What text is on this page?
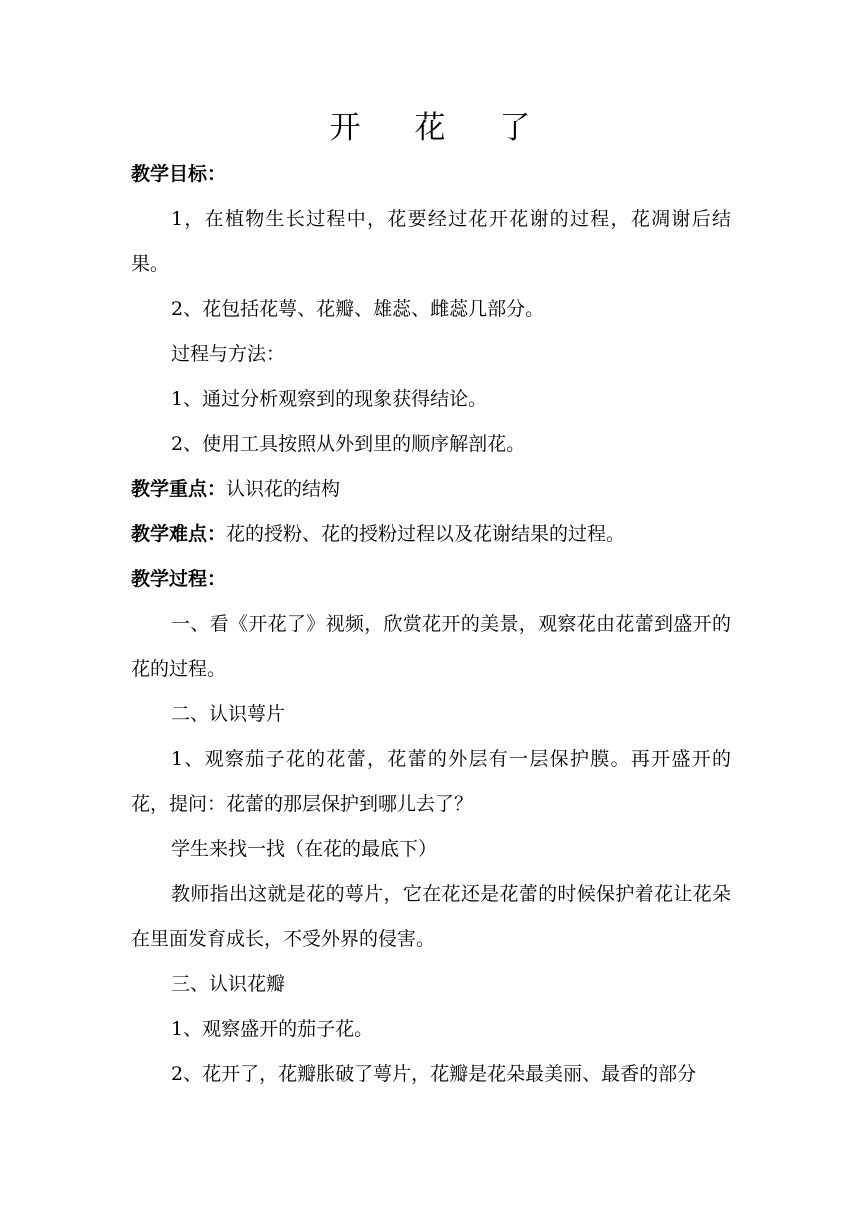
开 花 了

教学目标：

1，在植物生长过程中，花要经过花开花谢的过程，花凋谢后结果。

2、花包括花萼、花瓣、雄蕊、雌蕊几部分。

过程与方法：

1、通过分析观察到的现象获得结论。

2、使用工具按照从外到里的顺序解剖花。

教学重点：认识花的结构

教学难点：花的授粉、花的授粉过程以及花谢结果的过程。

教学过程：

一、看《开花了》视频，欣赏花开的美景，观察花由花蕾到盛开的花的过程。

二、认识萼片

1、观察茄子花的花蕾，花蕾的外层有一层保护膜。再开盛开的花，提问：花蕾的那层保护到哪儿去了？

学生来找一找（在花的最底下）

教师指出这就是花的萼片，它在花还是花蕾的时候保护着花让花朵在里面发育成长，不受外界的侵害。

三、认识花瓣

1、观察盛开的茄子花。

2、花开了，花瓣胀破了萼片，花瓣是花朵最美丽、最香的部分
